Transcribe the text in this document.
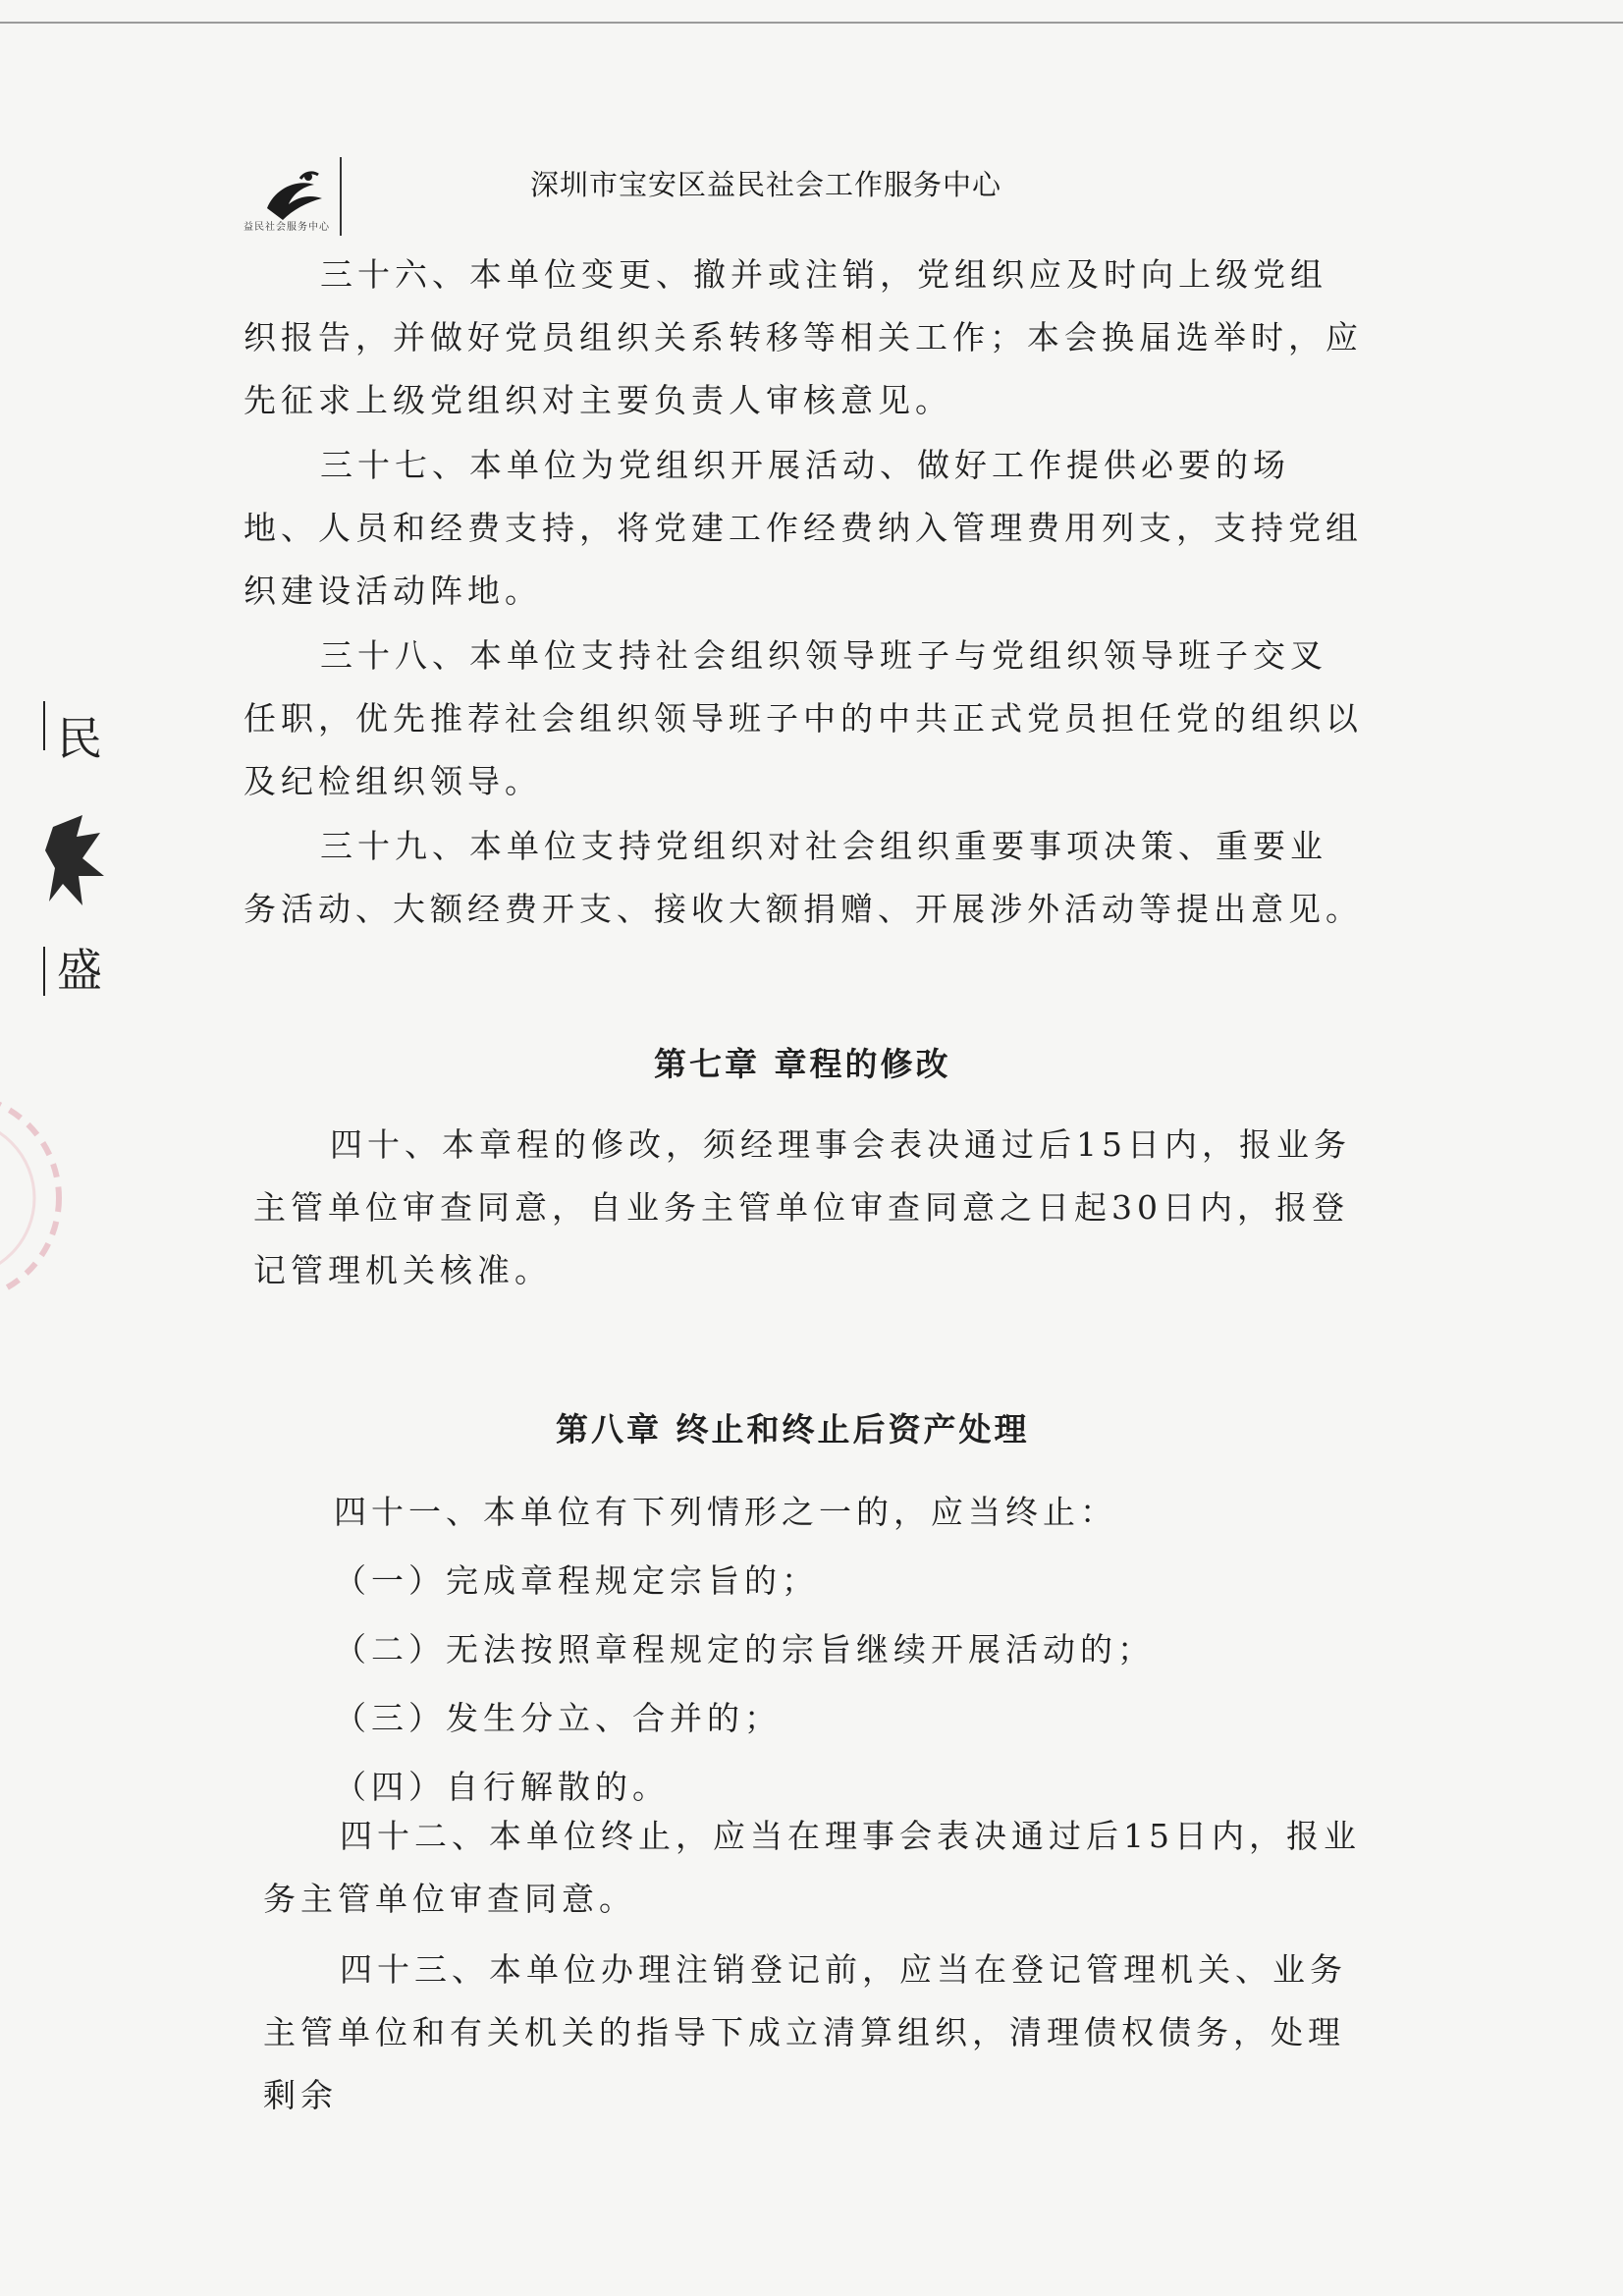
益民社会服务中心
深圳市宝安区益民社会工作服务中心
三十六、本单位变更、撤并或注销，党组织应及时向上级党组织报告，并做好党员组织关系转移等相关工作；本会换届选举时，应先征求上级党组织对主要负责人审核意见。
三十七、本单位为党组织开展活动、做好工作提供必要的场地、人员和经费支持，将党建工作经费纳入管理费用列支，支持党组织建设活动阵地。
三十八、本单位支持社会组织领导班子与党组织领导班子交叉任职，优先推荐社会组织领导班子中的中共正式党员担任党的组织以及纪检组织领导。
三十九、本单位支持党组织对社会组织重要事项决策、重要业务活动、大额经费开支、接收大额捐赠、开展涉外活动等提出意见。
第七章 章程的修改
四十、本章程的修改，须经理事会表决通过后15日内，报业务主管单位审查同意，自业务主管单位审查同意之日起30日内，报登记管理机关核准。
第八章 终止和终止后资产处理
四十一、本单位有下列情形之一的，应当终止：
（一）完成章程规定宗旨的；
（二）无法按照章程规定的宗旨继续开展活动的；
（三）发生分立、合并的；
（四）自行解散的。
四十二、本单位终止，应当在理事会表决通过后15日内，报业务主管单位审查同意。
四十三、本单位办理注销登记前，应当在登记管理机关、业务主管单位和有关机关的指导下成立清算组织，清理债权债务，处理剩余
民
盛
